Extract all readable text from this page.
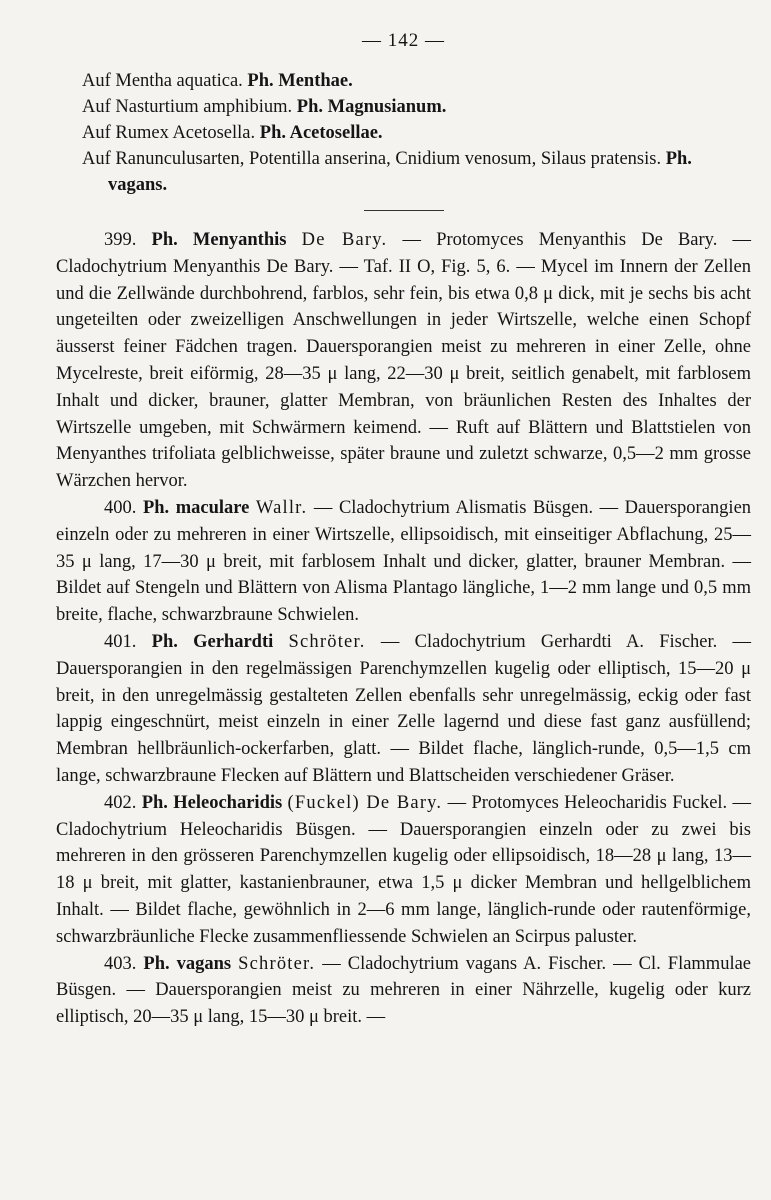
— 142 —
Auf Mentha aquatica. Ph. Menthae.
Auf Nasturtium amphibium. Ph. Magnusianum.
Auf Rumex Acetosella. Ph. Acetosellae.
Auf Ranunculusarten, Potentilla anserina, Cnidium venosum, Silaus pratensis. Ph. vagans.

399. Ph. Menyanthis De Bary. — Protomyces Menyanthis De Bary. — Cladochytrium Menyanthis De Bary. — Taf. II O, Fig. 5, 6. — Mycel im Innern der Zellen und die Zellwände durchbohrend, farblos, sehr fein, bis etwa 0,8 μ dick, mit je sechs bis acht ungeteilten oder zweizelligen Anschwellungen in jeder Wirtszelle, welche einen Schopf äusserst feiner Fädchen tragen. Dauersporangien meist zu mehreren in einer Zelle, ohne Mycelreste, breit eiförmig, 28—35 μ lang, 22—30 μ breit, seitlich genabelt, mit farblosem Inhalt und dicker, brauner, glatter Membran, von bräunlichen Resten des Inhaltes der Wirtszelle umgeben, mit Schwärmern keimend. — Ruft auf Blättern und Blattstielen von Menyanthes trifoliata gelblichweisse, später braune und zuletzt schwarze, 0,5—2 mm grosse Wärzchen hervor.

400. Ph. maculare Wallr. — Cladochytrium Alismatis Büsgen. — Dauersporangien einzeln oder zu mehreren in einer Wirtszelle, ellipsoidisch, mit einseitiger Abflachung, 25—35 μ lang, 17—30 μ breit, mit farblosem Inhalt und dicker, glatter, brauner Membran. — Bildet auf Stengeln und Blättern von Alisma Plantago längliche, 1—2 mm lange und 0,5 mm breite, flache, schwarzbraune Schwielen.

401. Ph. Gerhardti Schröter. — Cladochytrium Gerhardti A. Fischer. — Dauersporangien in den regelmässigen Parenchymzellen kugelig oder elliptisch, 15—20 μ breit, in den unregelmässig gestalteten Zellen ebenfalls sehr unregelmässig, eckig oder fast lappig eingeschnürt, meist einzeln in einer Zelle lagernd und diese fast ganz ausfüllend; Membran hellbräunlich-ockerfarben, glatt. — Bildet flache, länglich-runde, 0,5—1,5 cm lange, schwarzbraune Flecken auf Blättern und Blattscheiden verschiedener Gräser.

402. Ph. Heleocharidis (Fuckel) De Bary. — Protomyces Heleocharidis Fuckel. — Cladochytrium Heleocharidis Büsgen. — Dauersporangien einzeln oder zu zwei bis mehreren in den grösseren Parenchymzellen kugelig oder ellipsoidisch, 18—28 μ lang, 13—18 μ breit, mit glatter, kastanienbrauner, etwa 1,5 μ dicker Membran und hellgelblichem Inhalt. — Bildet flache, gewöhnlich in 2—6 mm lange, länglich-runde oder rautenförmige, schwarzbräunliche Flecke zusammenfliessende Schwielen an Scirpus paluster.

403. Ph. vagans Schröter. — Cladochytrium vagans A. Fischer. — Cl. Flammulae Büsgen. — Dauersporangien meist zu mehreren in einer Nährzelle, kugelig oder kurz elliptisch, 20—35 μ lang, 15—30 μ breit. —
